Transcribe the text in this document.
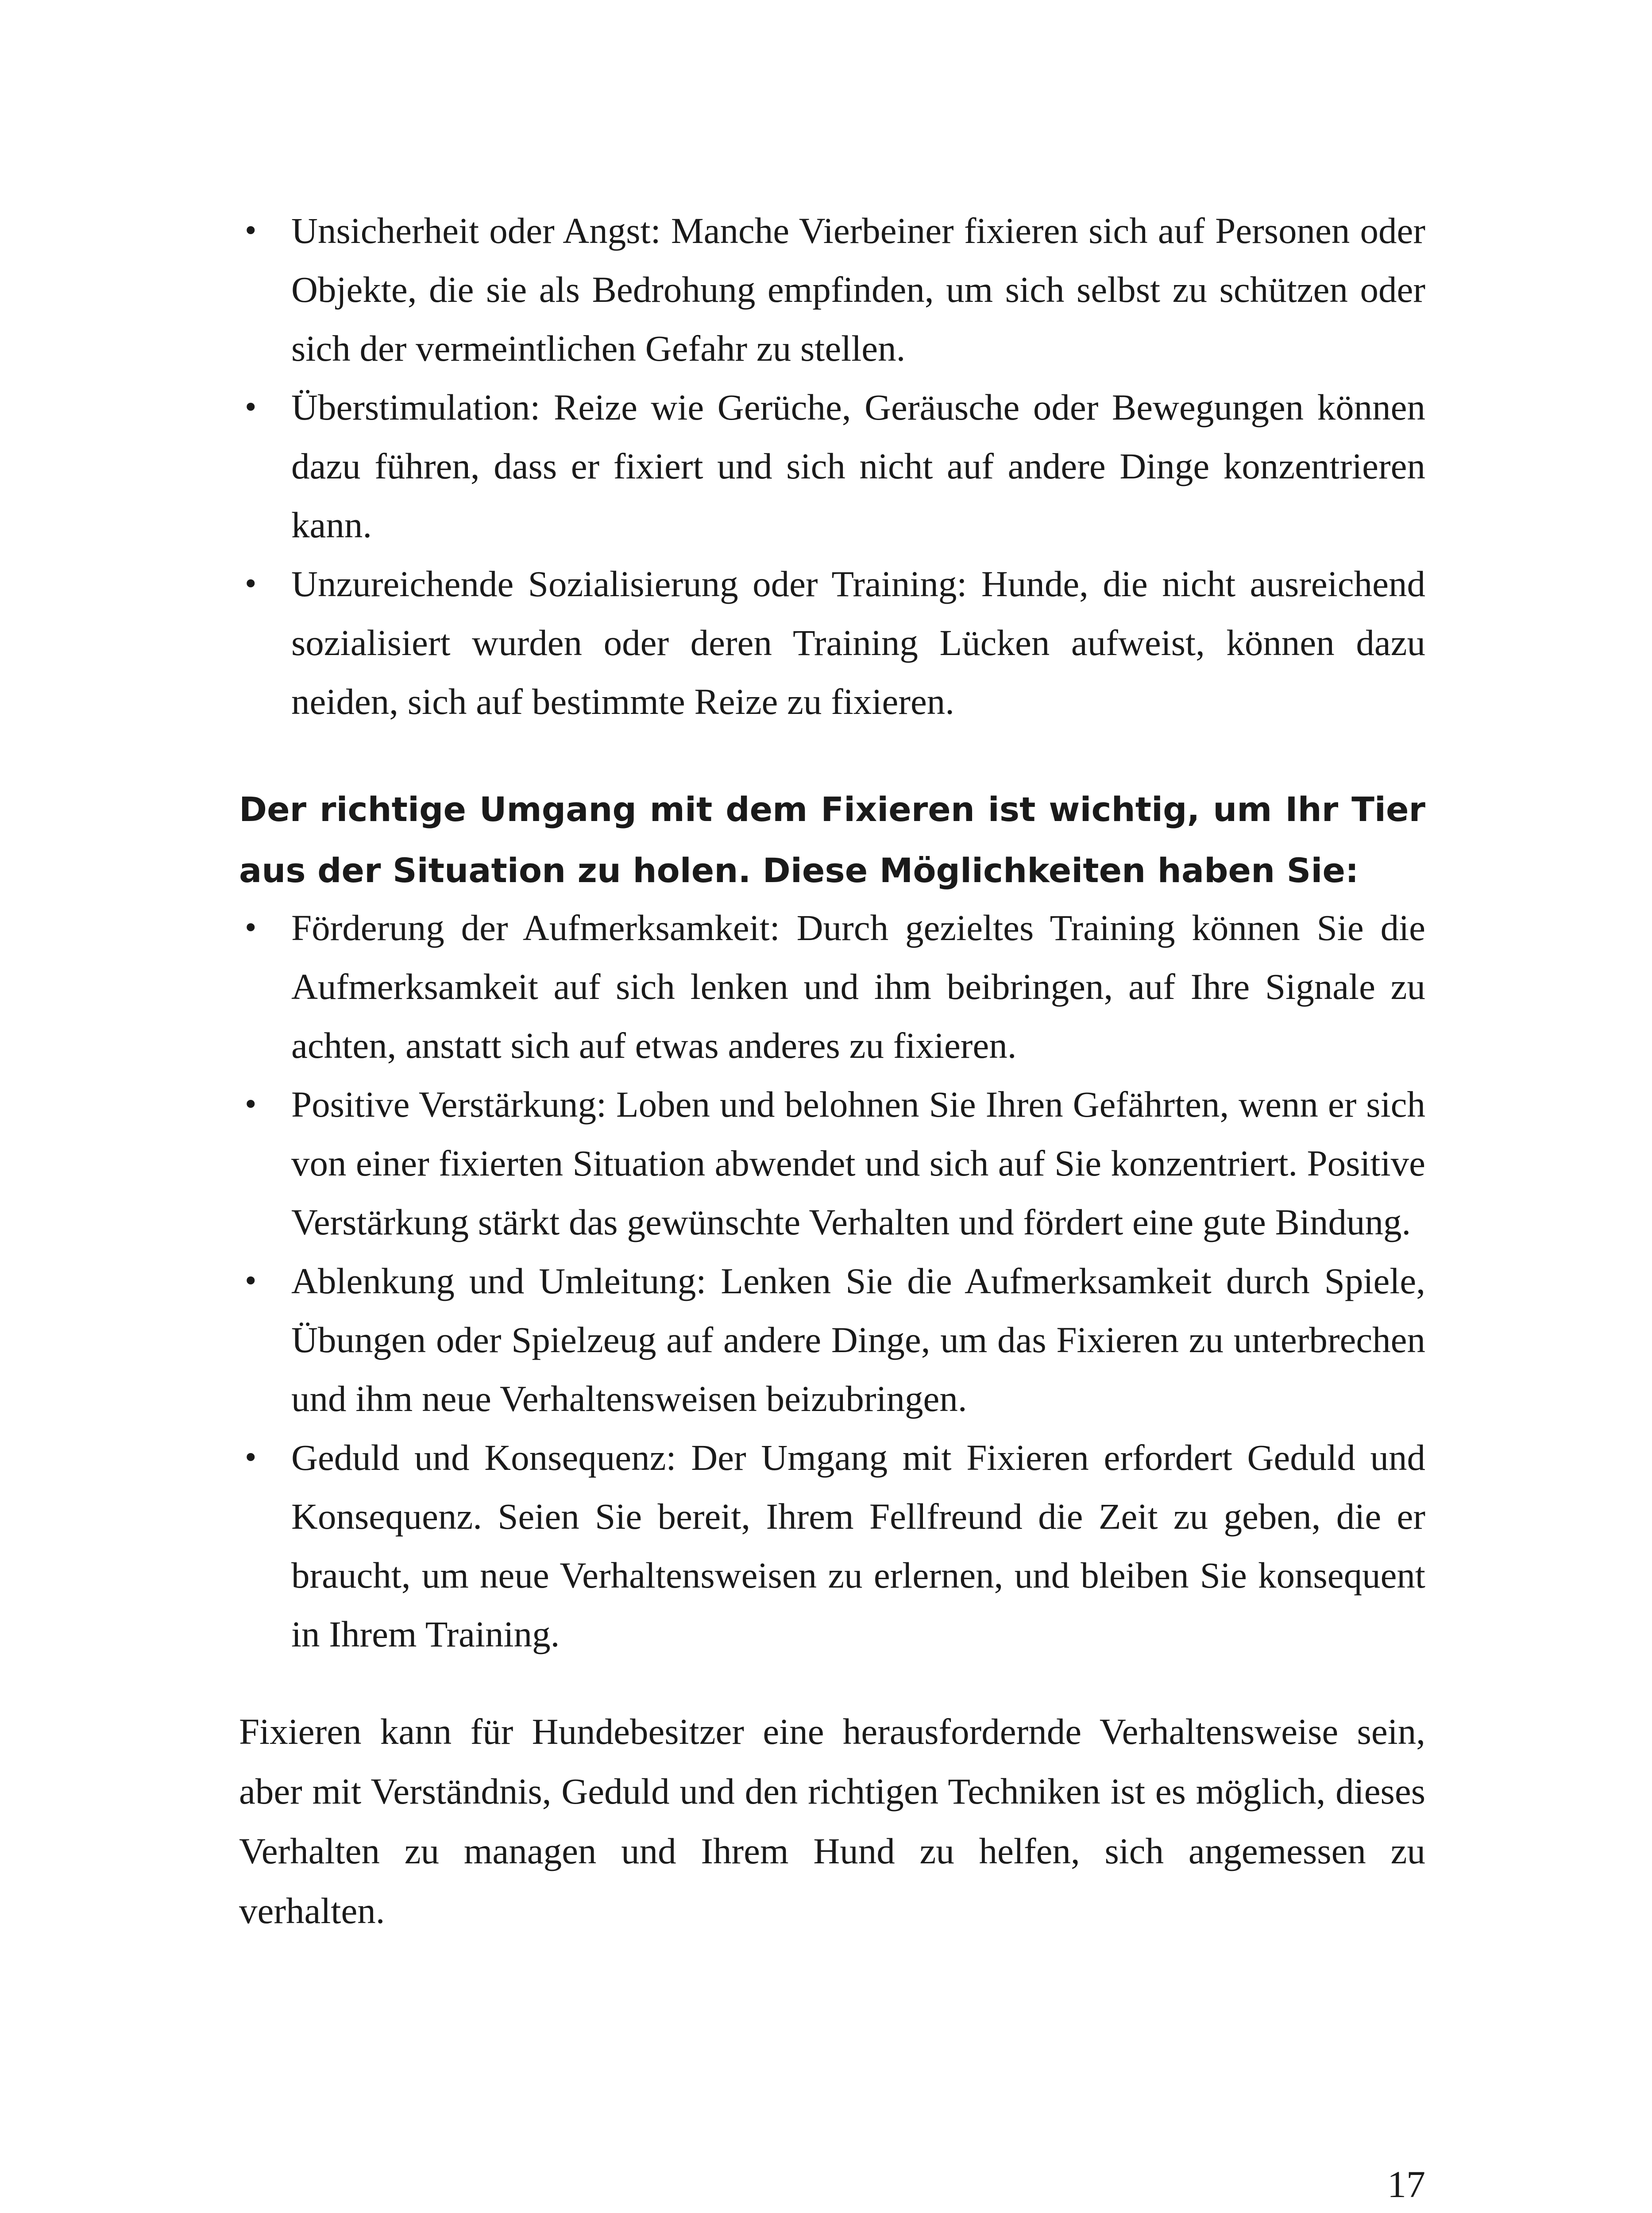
• Unsicherheit oder Angst: Manche Vierbeiner fixieren sich auf Personen oder Objekte, die sie als Bedrohung empfinden, um sich selbst zu schützen oder sich der vermeintlichen Gefahr zu stellen.
• Überstimulation: Reize wie Gerüche, Geräusche oder Bewegungen können dazu führen, dass er fixiert und sich nicht auf andere Dinge konzentrieren kann.
• Unzureichende Sozialisierung oder Training: Hunde, die nicht ausreichend sozialisiert wurden oder deren Training Lücken aufweist, können dazu neiden, sich auf bestimmte Reize zu fixieren.
Der richtige Umgang mit dem Fixieren ist wichtig, um Ihr Tier aus der Situation zu holen. Diese Möglichkeiten haben Sie:
• Förderung der Aufmerksamkeit: Durch gezieltes Training können Sie die Aufmerksamkeit auf sich lenken und ihm beibringen, auf Ihre Signale zu achten, anstatt sich auf etwas anderes zu fixieren.
• Positive Verstärkung: Loben und belohnen Sie Ihren Gefährten, wenn er sich von einer fixierten Situation abwendet und sich auf Sie konzentriert. Positive Verstärkung stärkt das gewünschte Verhalten und fördert eine gute Bindung.
• Ablenkung und Umleitung: Lenken Sie die Aufmerksamkeit durch Spiele, Übungen oder Spielzeug auf andere Dinge, um das Fixieren zu unterbrechen und ihm neue Verhaltensweisen beizubringen.
• Geduld und Konsequenz: Der Umgang mit Fixieren erfordert Geduld und Konsequenz. Seien Sie bereit, Ihrem Fellfreund die Zeit zu geben, die er braucht, um neue Verhaltensweisen zu erlernen, und bleiben Sie konsequent in Ihrem Training.

Fixieren kann für Hundebesitzer eine herausfordernde Verhaltensweise sein, aber mit Verständnis, Geduld und den richtigen Techniken ist es möglich, dieses Verhalten zu managen und Ihrem Hund zu helfen, sich angemessen zu verhalten.

17
